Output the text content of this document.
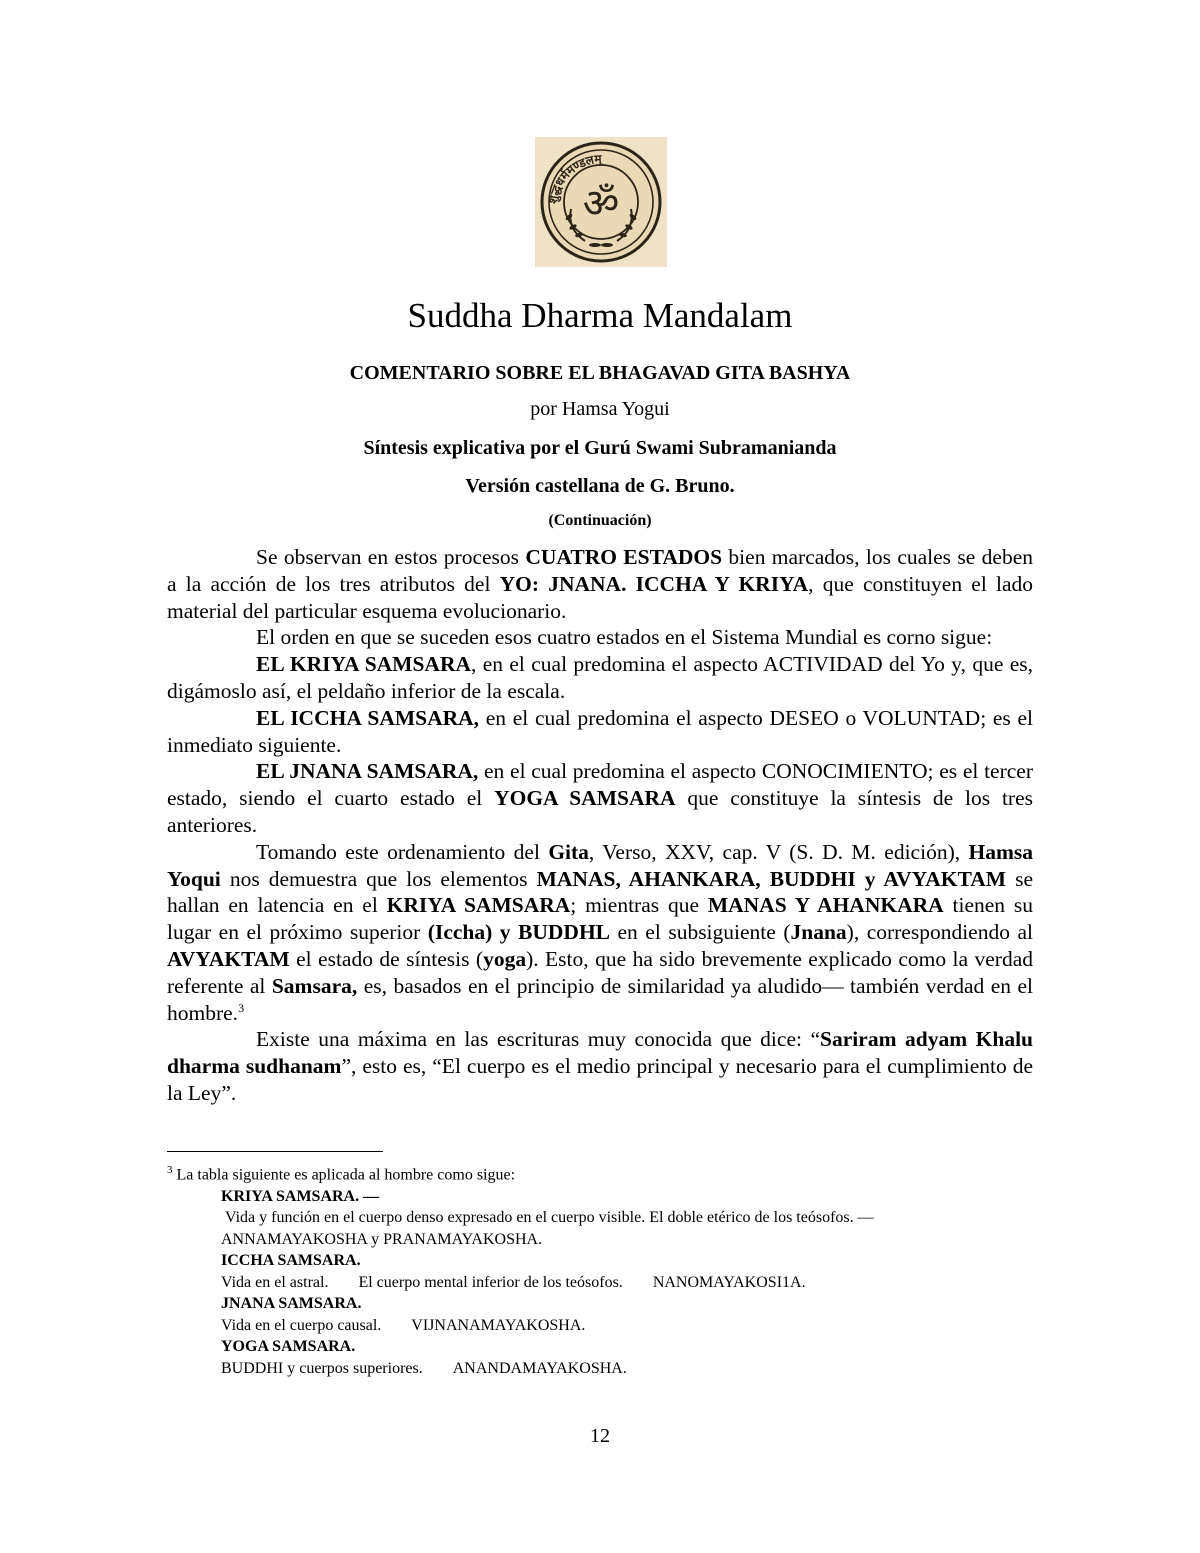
शुद्धधर्ममण्डलम्
ॐ
Suddha Dharma Mandalam
COMENTARIO SOBRE EL BHAGAVAD GITA BASHYA
por Hamsa Yogui
Síntesis explicativa por el Gurú Swami Subramanianda
Versión castellana de G. Bruno.
(Continuación)

Se observan en estos procesos CUATRO ESTADOS bien marcados, los cuales se deben a la acción de los tres atributos del YO: JNANA. ICCHA Y KRIYA, que constituyen el lado material del particular esquema evolucionario.

El orden en que se suceden esos cuatro estados en el Sistema Mundial es corno sigue:

EL KRIYA SAMSARA, en el cual predomina el aspecto ACTIVIDAD del Yo y, que es, digámoslo así, el peldaño inferior de la escala.

EL ICCHA SAMSARA, en el cual predomina el aspecto DESEO o VOLUNTAD; es el inmediato siguiente.

EL JNANA SAMSARA, en el cual predomina el aspecto CONOCIMIENTO; es el tercer estado, siendo el cuarto estado el YOGA SAMSARA que constituye la síntesis de los tres anteriores.

Tomando este ordenamiento del Gita, Verso, XXV, cap. V (S. D. M. edición), Hamsa Yoqui nos demuestra que los elementos MANAS, AHANKARA, BUDDHI y AVYAKTAM se hallan en latencia en el KRIYA SAMSARA; mientras que MANAS Y AHANKARA tienen su lugar en el próximo superior (Iccha) y BUDDHL en el subsiguiente (Jnana), correspondiendo al AVYAKTAM el estado de síntesis (yoga). Esto, que ha sido brevemente explicado como la verdad referente al Samsara, es, basados en el principio de similaridad ya aludido— también verdad en el hombre.$^3$

Existe una máxima en las escrituras muy conocida que dice: “Sariram adyam Khalu dharma sudhanam”, esto es, “El cuerpo es el medio principal y necesario para el cumplimiento de la Ley”.

$^3$ La tabla siguiente es aplicada al hombre como sigue:
KRIYA SAMSARA. —
Vida y función en el cuerpo denso expresado en el cuerpo visible. El doble etérico de los teósofos. —
ANNAMAYAKOSHA y PRANAMAYAKOSHA.
ICCHA SAMSARA.
Vida en el astral. El cuerpo mental inferior de los teósofos. NANOMAYAKOSI1A.
JNANA SAMSARA.
Vida en el cuerpo causal. VIJNANAMAYAKOSHA.
YOGA SAMSARA.
BUDDHI y cuerpos superiores. ANANDAMAYAKOSHA.
12
